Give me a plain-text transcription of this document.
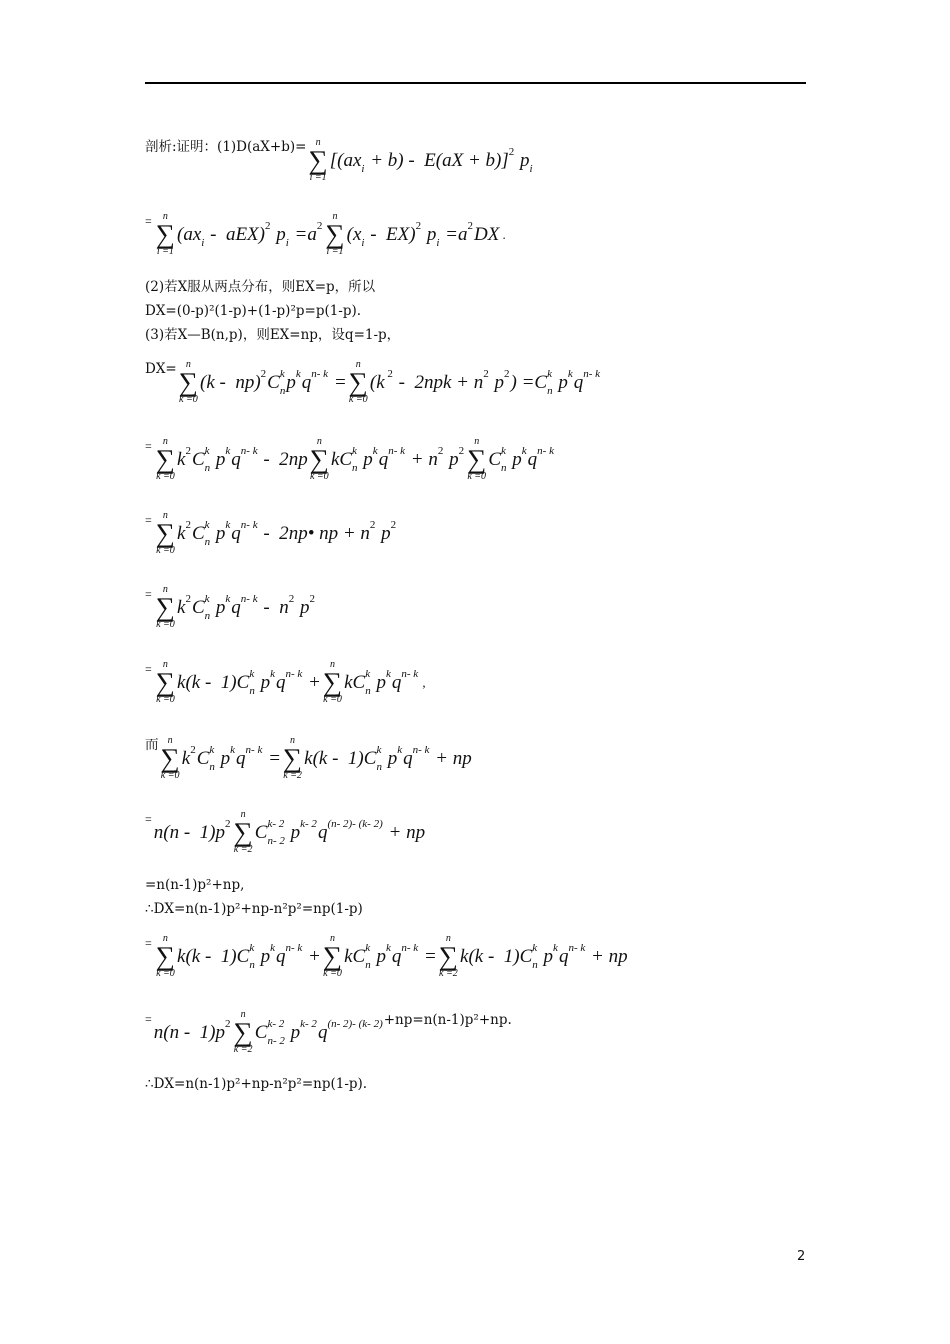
$^{剖析:证明:(1)D(aX+b)=}$ n
∑
i =1
[(ax
i + b) -  E(aX + b)] 2
p
i
= n
∑
i =1
(ax
i -  aEX) 2
p
i =a 2

n
∑
i =1
(x
i -  EX) 2
p
i =a 2
DX .
(2)若X服从两点分布，则EX=p，所以
DX=(0-p)²(1-p)+(1-p)²p=p(1-p).
(3)若X—B(n,p)，则EX=np，设q=1-p，
$^{DX=}$ n
∑
k =0
(k -  np) 2
C k
n p k
q n- k
=
n
∑
k =0
(k 2
-  2npk + n 2
p 2
) =C k
n p k
q n- k

= n
∑
k =0
k 2
C k
n p k
q n- k
-  2np
n
∑
k =0
kC k
n p k
q n- k
+ n 2
p 2

n
∑
k =0
C k
n p k
q n- k

= n
∑
k =0
k 2
C k
n p k
q n- k
-  2np• np + n 2
p 2

= n
∑
k =0
k 2
C k
n p k
q n- k
-  n 2
p 2

= n
∑
k =0
k(k -  1)C k
n p k
q n- k
+
n
∑
k =0
kC k
n p k
q n- k

,
$^而$ n
∑
k =0
k 2
C k
n p k
q n- k
=
n
∑
k =2
k(k -  1)C k
n p k
q n- k
+ np
=
n(n -  1)p 2

n
∑
k =2
C k- 2
n- 2 p k- 2
q (n- 2)- (k- 2)
+ np
=n(n-1)p²+np,
∴DX=n(n-1)p²+np-n²p²=np(1-p)
= n
∑
k =0
k(k -  1)C k
n p k
q n- k
+
n
∑
k =0
kC k
n p k
q n- k
=
n
∑
k =2
k(k -  1)C k
n p k
q n- k
+ np
=
n(n -  1)p 2

n
∑
k =2
C k- 2
n- 2 p k- 2
q (n- 2)- (k- 2)
+np=n(n-1)p²+np.
∴DX=n(n-1)p²+np-n²p²=np(1-p).
2
